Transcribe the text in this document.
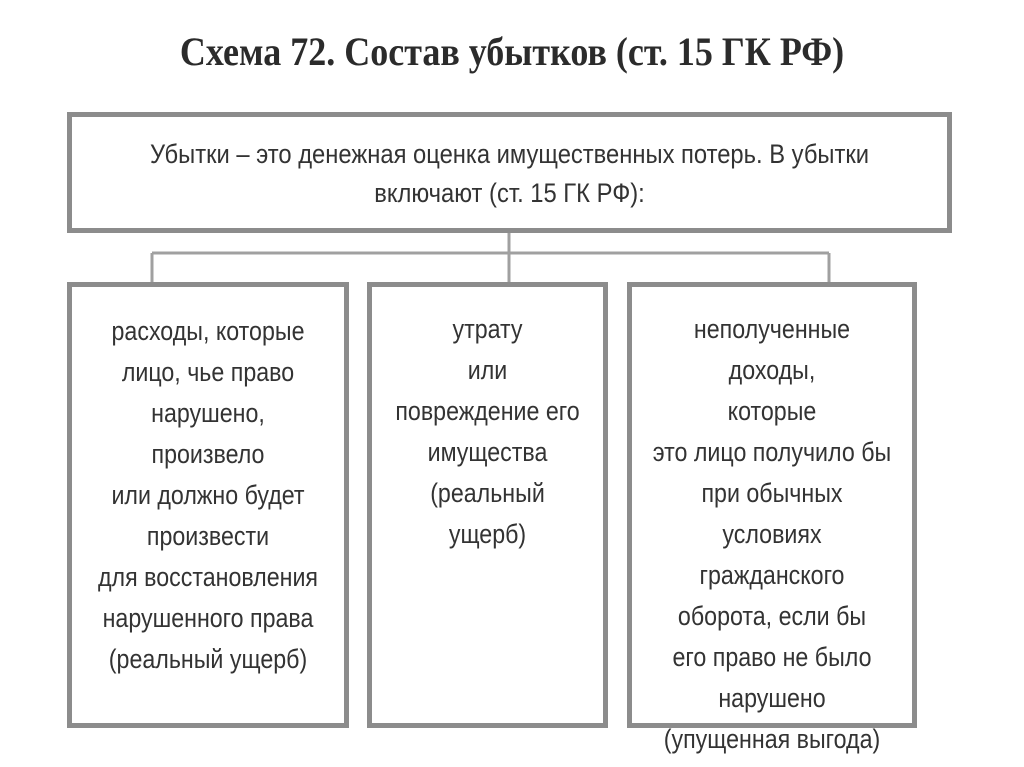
Схема 72. Состав убытков (ст. 15 ГК РФ)
Убытки – это денежная оценка имущественных потерь. В убытки
включают (ст. 15 ГК РФ):
расходы, которые
лицо, чье право
нарушено,
произвело
или должно будет
произвести
для восстановления
нарушенного права
(реальный ущерб)
утрату
или
повреждение его
имущества
(реальный
ущерб)
неполученные доходы,
которые
это лицо получило бы
при обычных
условиях
гражданского
оборота, если бы
его право не было
нарушено
(упущенная выгода)
